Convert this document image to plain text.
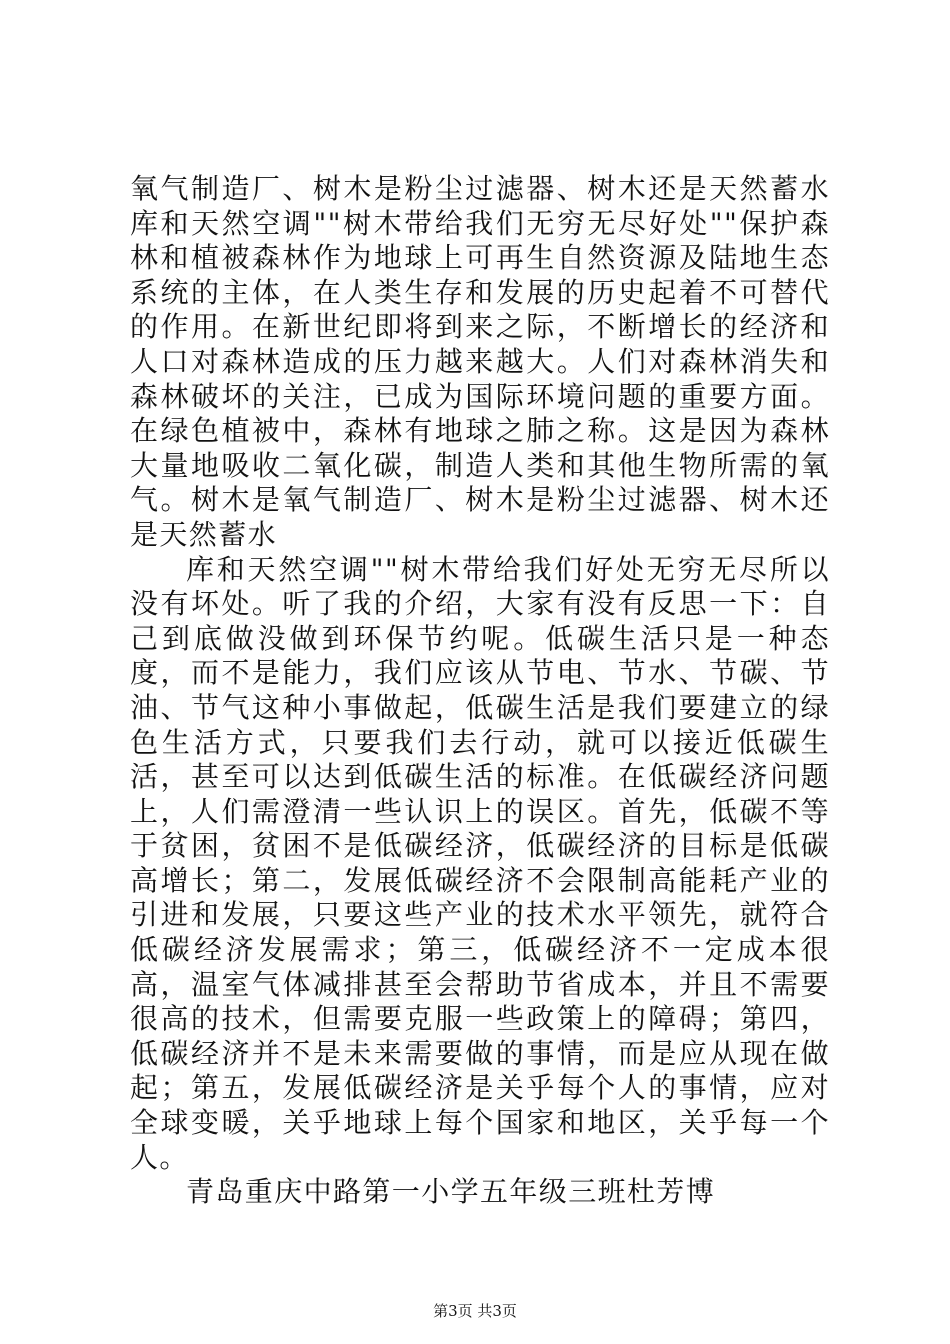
氧气制造厂、树木是粉尘过滤器、树木还是天然蓄水库和天然空调""树木带给我们无穷无尽好处""保护森林和植被森林作为地球上可再生自然资源及陆地生态系统的主体，在人类生存和发展的历史起着不可替代的作用。在新世纪即将到来之际，不断增长的经济和人口对森林造成的压力越来越大。人们对森林消失和森林破坏的关注，已成为国际环境问题的重要方面。在绿色植被中，森林有地球之肺之称。这是因为森林大量地吸收二氧化碳，制造人类和其他生物所需的氧气。树木是氧气制造厂、树木是粉尘过滤器、树木还是天然蓄水

库和天然空调""树木带给我们好处无穷无尽所以没有坏处。听了我的介绍，大家有没有反思一下：自己到底做没做到环保节约呢。低碳生活只是一种态度，而不是能力，我们应该从节电、节水、节碳、节油、节气这种小事做起，低碳生活是我们要建立的绿色生活方式，只要我们去行动，就可以接近低碳生活，甚至可以达到低碳生活的标准。在低碳经济问题上，人们需澄清一些认识上的误区。首先，低碳不等于贫困，贫困不是低碳经济，低碳经济的目标是低碳高增长；第二，发展低碳经济不会限制高能耗产业的引进和发展，只要这些产业的技术水平领先，就符合低碳经济发展需求；第三，低碳经济不一定成本很高，温室气体减排甚至会帮助节省成本，并且不需要很高的技术，但需要克服一些政策上的障碍；第四，低碳经济并不是未来需要做的事情，而是应从现在做起；第五，发展低碳经济是关乎每个人的事情，应对全球变暖，关乎地球上每个国家和地区，关乎每一个人。

青岛重庆中路第一小学五年级三班杜芳博

第3页 共3页
